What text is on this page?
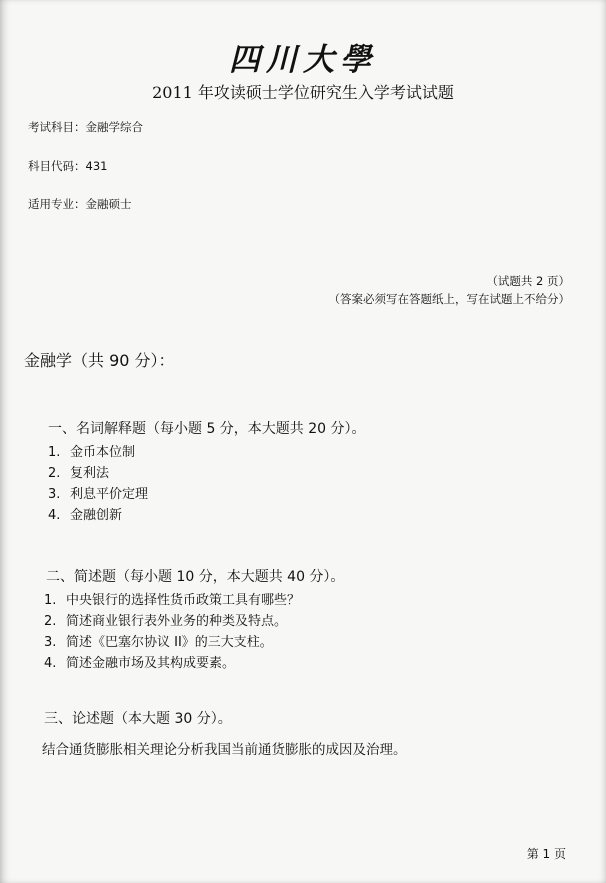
四川大學
2011 年攻读硕士学位研究生入学考试试题
考试科目：金融学综合
科目代码：431
适用专业：金融硕士
（试题共 2 页）
（答案必须写在答题纸上，写在试题上不给分）
金融学（共 90 分）：
一、名词解释题（每小题 5 分，本大题共 20 分）。
1. 金币本位制
2. 复利法
3. 利息平价定理
4. 金融创新
二、简述题（每小题 10 分，本大题共 40 分）。
1. 中央银行的选择性货币政策工具有哪些？
2. 简述商业银行表外业务的种类及特点。
3. 简述《巴塞尔协议 II》的三大支柱。
4. 简述金融市场及其构成要素。
三、论述题（本大题 30 分）。
结合通货膨胀相关理论分析我国当前通货膨胀的成因及治理。
第 1 页
